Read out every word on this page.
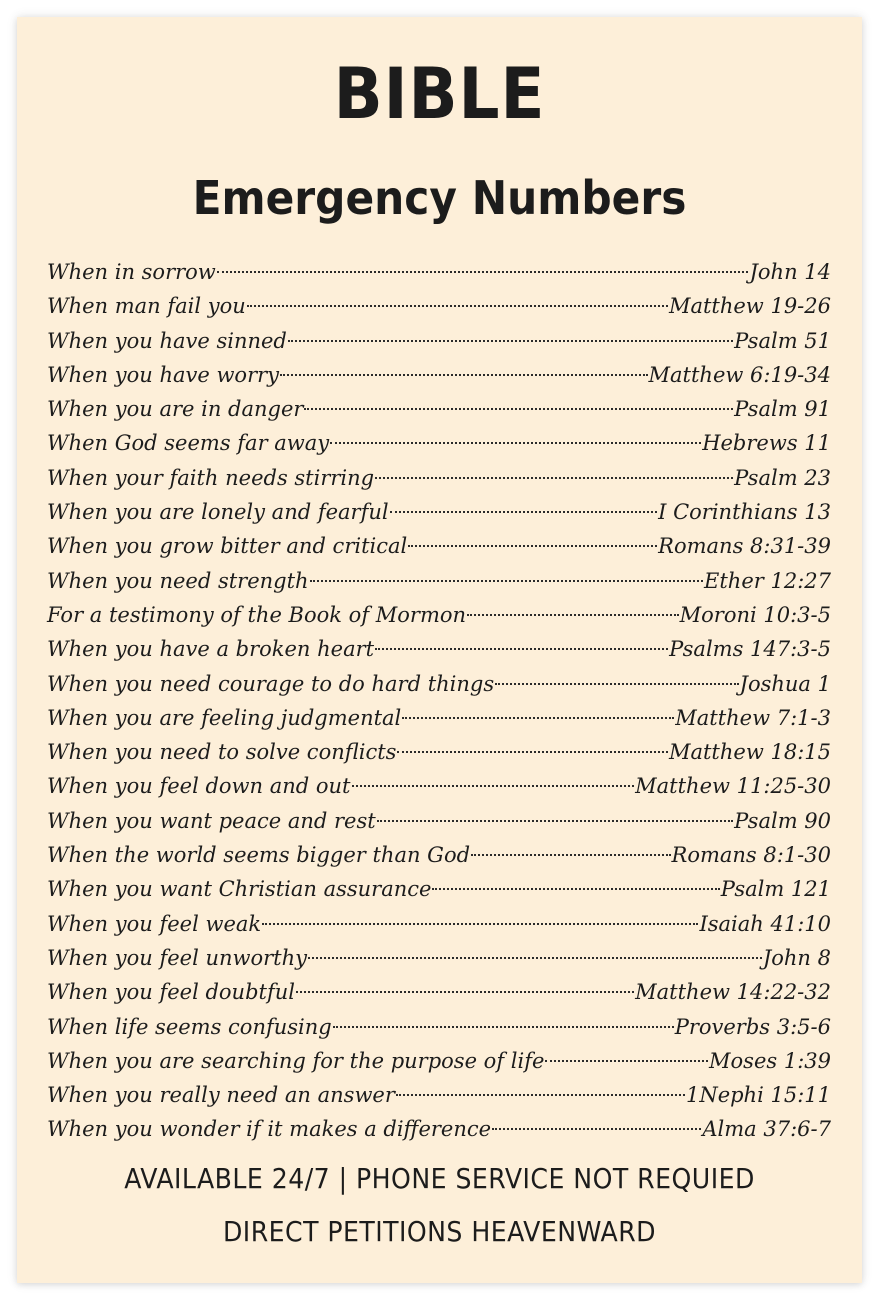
BIBLE
Emergency Numbers
When in sorrow	John 14
When man fail you	Matthew 19-26
When you have sinned	Psalm 51
When you have worry	Matthew 6:19-34
When you are in danger	Psalm 91
When God seems far away	Hebrews 11
When your faith needs stirring	Psalm 23
When you are lonely and fearful	I Corinthians 13
When you grow bitter and critical	Romans 8:31-39
When you need strength	Ether 12:27
For a testimony of the Book of Mormon	Moroni 10:3-5
When you have a broken heart	Psalms 147:3-5
When you need courage to do hard things	Joshua 1
When you are feeling judgmental	Matthew 7:1-3
When you need to solve conflicts	Matthew 18:15
When you feel down and out	Matthew 11:25-30
When you want peace and rest	Psalm 90
When the world seems bigger than God	Romans 8:1-30
When you want Christian assurance	Psalm 121
When you feel weak	Isaiah 41:10
When you feel unworthy	John 8
When you feel doubtful	Matthew 14:22-32
When life seems confusing	Proverbs 3:5-6
When you are searching for the purpose of life	Moses 1:39
When you really need an answer	1Nephi 15:11
When you wonder if it makes a difference	Alma 37:6-7
AVAILABLE 24/7 | PHONE SERVICE NOT REQUIED
DIRECT PETITIONS HEAVENWARD
